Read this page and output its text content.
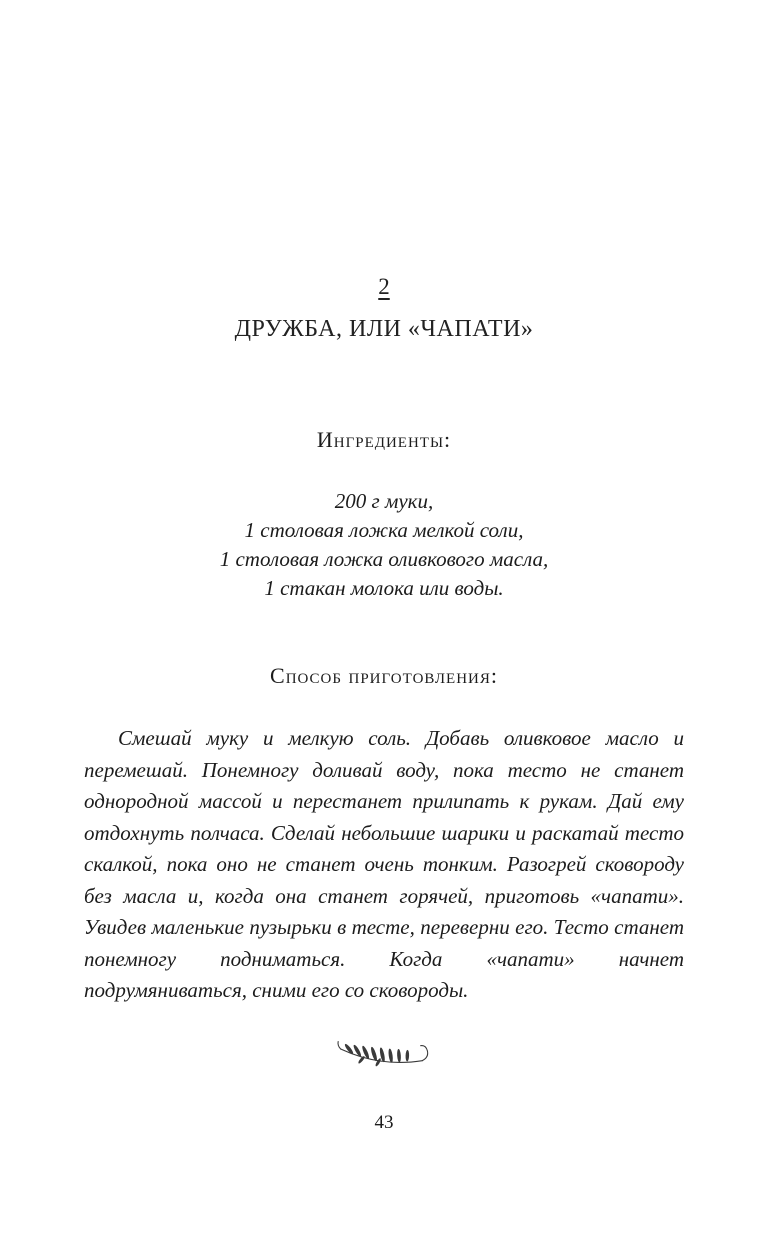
2
ДРУЖБА, ИЛИ «ЧАПАТИ»
Ингредиенты:
200 г муки,
1 столовая ложка мелкой соли,
1 столовая ложка оливкового масла,
1 стакан молока или воды.
Способ приготовления:

Смешай муку и мелкую соль. Добавь оливковое масло и перемешай. Понемногу доливай воду, пока тесто не станет однородной массой и перестанет прилипать к рукам. Дай ему отдохнуть полчаса. Сделай небольшие шарики и раскатай тесто скалкой, пока оно не станет очень тонким. Разогрей сковороду без масла и, когда она станет горячей, приготовь «чапати». Увидев маленькие пузырьки в тесте, переверни его. Тесто станет понемногу подниматься. Когда «чапати» начнет подрумяниваться, сними его со сковороды.

43
